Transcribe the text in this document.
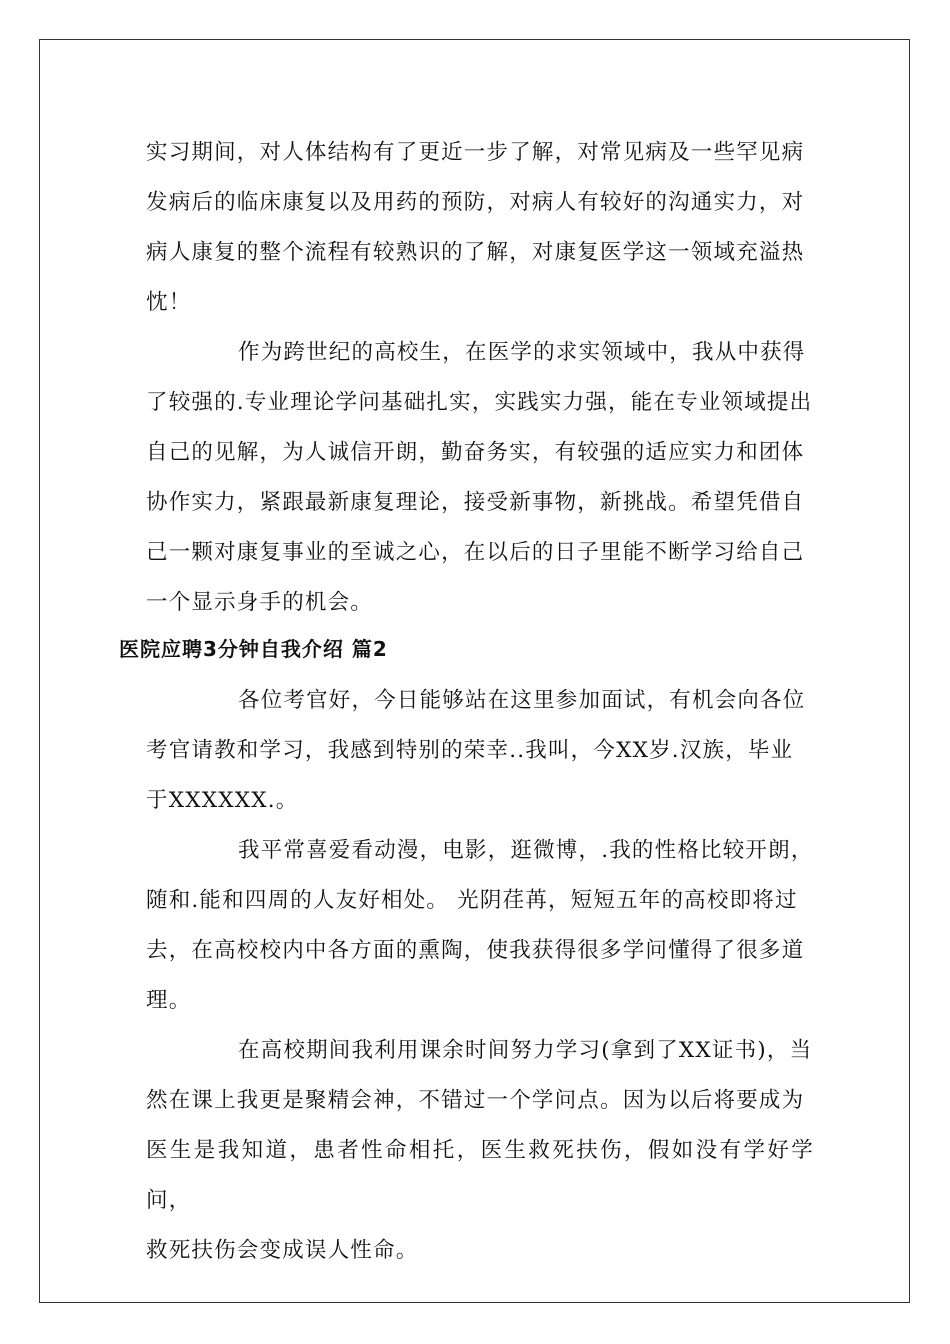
实习期间，对人体结构有了更近一步了解，对常见病及一些罕见病
发病后的临床康复以及用药的预防，对病人有较好的沟通实力，对
病人康复的整个流程有较熟识的了解，对康复医学这一领域充溢热
忱！

作为跨世纪的高校生，在医学的求实领域中，我从中获得
了较强的.专业理论学问基础扎实，实践实力强，能在专业领域提出
自己的见解，为人诚信开朗，勤奋务实，有较强的适应实力和团体
协作实力，紧跟最新康复理论，接受新事物，新挑战。希望凭借自
己一颗对康复事业的至诚之心，在以后的日子里能不断学习给自己
一个显示身手的机会。

医院应聘3分钟自我介绍 篇2

各位考官好，今日能够站在这里参加面试，有机会向各位
考官请教和学习，我感到特别的荣幸..我叫，今XX岁.汉族，毕业
于XXXXXX.。

我平常喜爱看动漫，电影，逛微博，.我的性格比较开朗，
随和.能和四周的人友好相处。 光阴荏苒，短短五年的高校即将过
去，在高校校内中各方面的熏陶，使我获得很多学问懂得了很多道
理。

在高校期间我利用课余时间努力学习(拿到了XX证书)，当
然在课上我更是聚精会神，不错过一个学问点。因为以后将要成为
医生是我知道，患者性命相托，医生救死扶伤，假如没有学好学问，
救死扶伤会变成误人性命。
